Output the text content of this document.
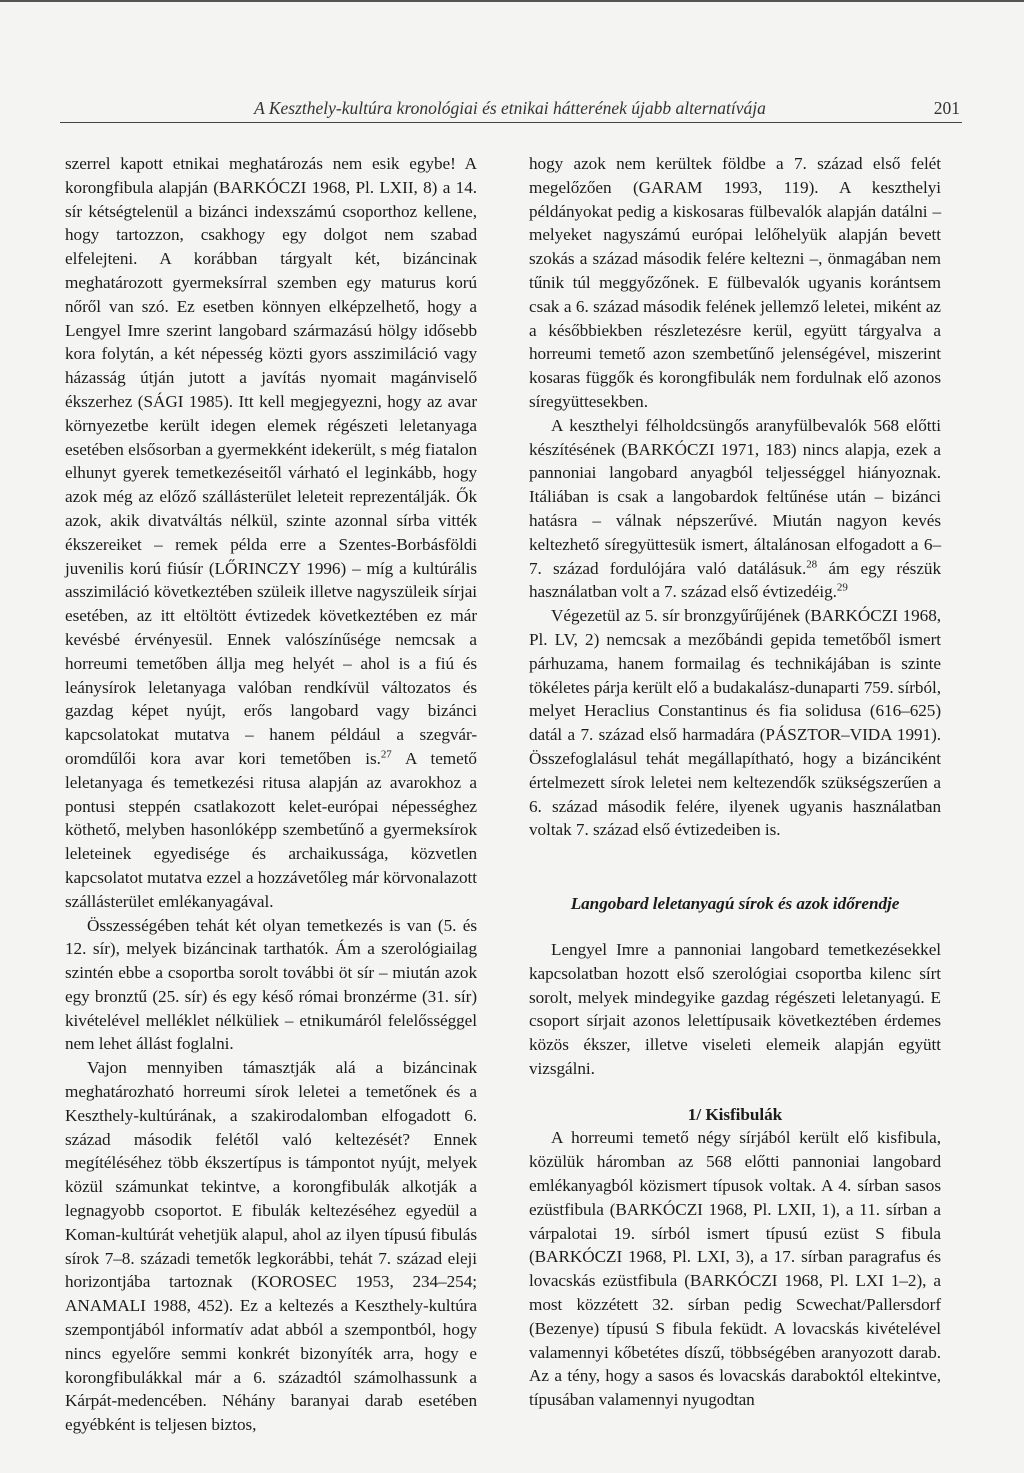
A Keszthely-kultúra kronológiai és etnikai hátterének újabb alternatívája	201

szerrel kapott etnikai meghatározás nem esik egybe! A korongfibula alapján (BARKÓCZI 1968, Pl. LXII, 8) a 14. sír kétségtelenül a bizánci indexszámú csoporthoz kellene, hogy tartozzon, csakhogy egy dolgot nem szabad elfelejteni. A korábban tárgyalt két, bizáncinak meghatározott gyermeksírral szemben egy maturus korú nőről van szó. Ez esetben könnyen elképzelhető, hogy a Lengyel Imre szerint langobard származású hölgy idősebb kora folytán, a két népesség közti gyors asszimiláció vagy házasság útján jutott a javítás nyomait magánviselő ékszerhez (SÁGI 1985). Itt kell megjegyezni, hogy az avar környezetbe került idegen elemek régészeti leletanyaga esetében elsősorban a gyermekként idekerült, s még fiatalon elhunyt gyerek temetkezéseitől várható el leginkább, hogy azok még az előző szállásterület leleteit reprezentálják. Ők azok, akik divatváltás nélkül, szinte azonnal sírba vitték ékszereiket – remek példa erre a Szentes-Borbásföldi juvenilis korú fiúsír (LŐRINCZY 1996) – míg a kultúrális asszimiláció következtében szüleik illetve nagyszüleik sírjai esetében, az itt eltöltött évtizedek következtében ez már kevésbé érvényesül. Ennek valószínűsége nemcsak a horreumi temetőben állja meg helyét – ahol is a fiú és leánysírok leletanyaga valóban rendkívül változatos és gazdag képet nyújt, erős langobard vagy bizánci kapcsolatokat mutatva – hanem például a szegvár-oromdűlői kora avar kori temetőben is.$^{27}$ A temető leletanyaga és temetkezési ritusa alapján az avarokhoz a pontusi steppén csatlakozott kelet-európai népességhez köthető, melyben hasonlóképp szembetűnő a gyermeksírok leleteinek egyedisége és archaikussága, közvetlen kapcsolatot mutatva ezzel a hozzávetőleg már körvonalazott szállásterület emlékanyagával.

Összességében tehát két olyan temetkezés is van (5. és 12. sír), melyek bizáncinak tarthatók. Ám a szerológiailag szintén ebbe a csoportba sorolt további öt sír – miután azok egy bronztű (25. sír) és egy késő római bronzérme (31. sír) kivételével melléklet nélküliek – etnikumáról felelősséggel nem lehet állást foglalni.

Vajon mennyiben támasztják alá a bizáncinak meghatározható horreumi sírok leletei a temetőnek és a Keszthely-kultúrának, a szakirodalomban elfogadott 6. század második felétől való keltezését? Ennek megítéléséhez több ékszertípus is támpontot nyújt, melyek közül számunkat tekintve, a korongfibulák alkotják a legnagyobb csoportot. E fibulák keltezéséhez egyedül a Koman-kultúrát vehetjük alapul, ahol az ilyen típusú fibulás sírok 7–8. századi temetők legkorábbi, tehát 7. század eleji horizontjába tartoznak (KOROSEC 1953, 234–254; ANAMALI 1988, 452). Ez a keltezés a Keszthely-kultúra szempontjából informatív adat abból a szempontból, hogy nincs egyelőre semmi konkrét bizonyíték arra, hogy e korongfibulákkal már a 6. századtól számolhassunk a Kárpát-medencében. Néhány baranyai darab esetében egyébként is teljesen biztos,

hogy azok nem kerültek földbe a 7. század első felét megelőzően (GARAM 1993, 119). A keszthelyi példányokat pedig a kiskosaras fülbevalók alapján datálni – melyeket nagyszámú európai lelőhelyük alapján bevett szokás a század második felére keltezni –, önmagában nem tűnik túl meggyőzőnek. E fülbevalók ugyanis korántsem csak a 6. század második felének jellemző leletei, miként az a későbbiekben részletezésre kerül, együtt tárgyalva a horreumi temető azon szembetűnő jelenségével, miszerint kosaras függők és korongfibulák nem fordulnak elő azonos síregyüttesekben.

A keszthelyi félholdcsüngős aranyfülbevalók 568 előtti készítésének (BARKÓCZI 1971, 183) nincs alapja, ezek a pannoniai langobard anyagból teljességgel hiányoznak. Itáliában is csak a langobardok feltűnése után – bizánci hatásra – válnak népszerűvé. Miután nagyon kevés keltezhető síregyüttesük ismert, általánosan elfogadott a 6–7. század fordulójára való datálásuk.$^{28}$ ám egy részük használatban volt a 7. század első évtizedéig.$^{29}$

Végezetül az 5. sír bronzgyűrűjének (BARKÓCZI 1968, Pl. LV, 2) nemcsak a mezőbándi gepida temetőből ismert párhuzama, hanem formailag és technikájában is szinte tökéletes párja került elő a budakalász-dunaparti 759. sírból, melyet Heraclius Constantinus és fia solidusa (616–625) datál a 7. század első harmadára (PÁSZTOR–VIDA 1991). Összefoglalásul tehát megállapítható, hogy a bizánciként értelmezett sírok leletei nem keltezendők szükségszerűen a 6. század második felére, ilyenek ugyanis használatban voltak 7. század első évtizedeiben is.

Langobard leletanyagú sírok és azok időrendje

Lengyel Imre a pannoniai langobard temetkezésekkel kapcsolatban hozott első szerológiai csoportba kilenc sírt sorolt, melyek mindegyike gazdag régészeti leletanyagú. E csoport sírjait azonos lelettípusaik következtében érdemes közös ékszer, illetve viseleti elemeik alapján együtt vizsgálni.

1/ Kisfibulák

A horreumi temető négy sírjából került elő kisfibula, közülük háromban az 568 előtti pannoniai langobard emlékanyagból közismert típusok voltak. A 4. sírban sasos ezüstfibula (BARKÓCZI 1968, Pl. LXII, 1), a 11. sírban a várpalotai 19. sírból ismert típusú ezüst S fibula (BARKÓCZI 1968, Pl. LXI, 3), a 17. sírban paragrafus és lovacskás ezüstfibula (BARKÓCZI 1968, Pl. LXI 1–2), a most közzétett 32. sírban pedig Scwechat/Pallersdorf (Bezenye) típusú S fibula feküdt. A lovacskás kivételével valamennyi kőbetétes díszű, többségében aranyozott darab. Az a tény, hogy a sasos és lovacskás daraboktól eltekintve, típusában valamennyi nyugodtan
